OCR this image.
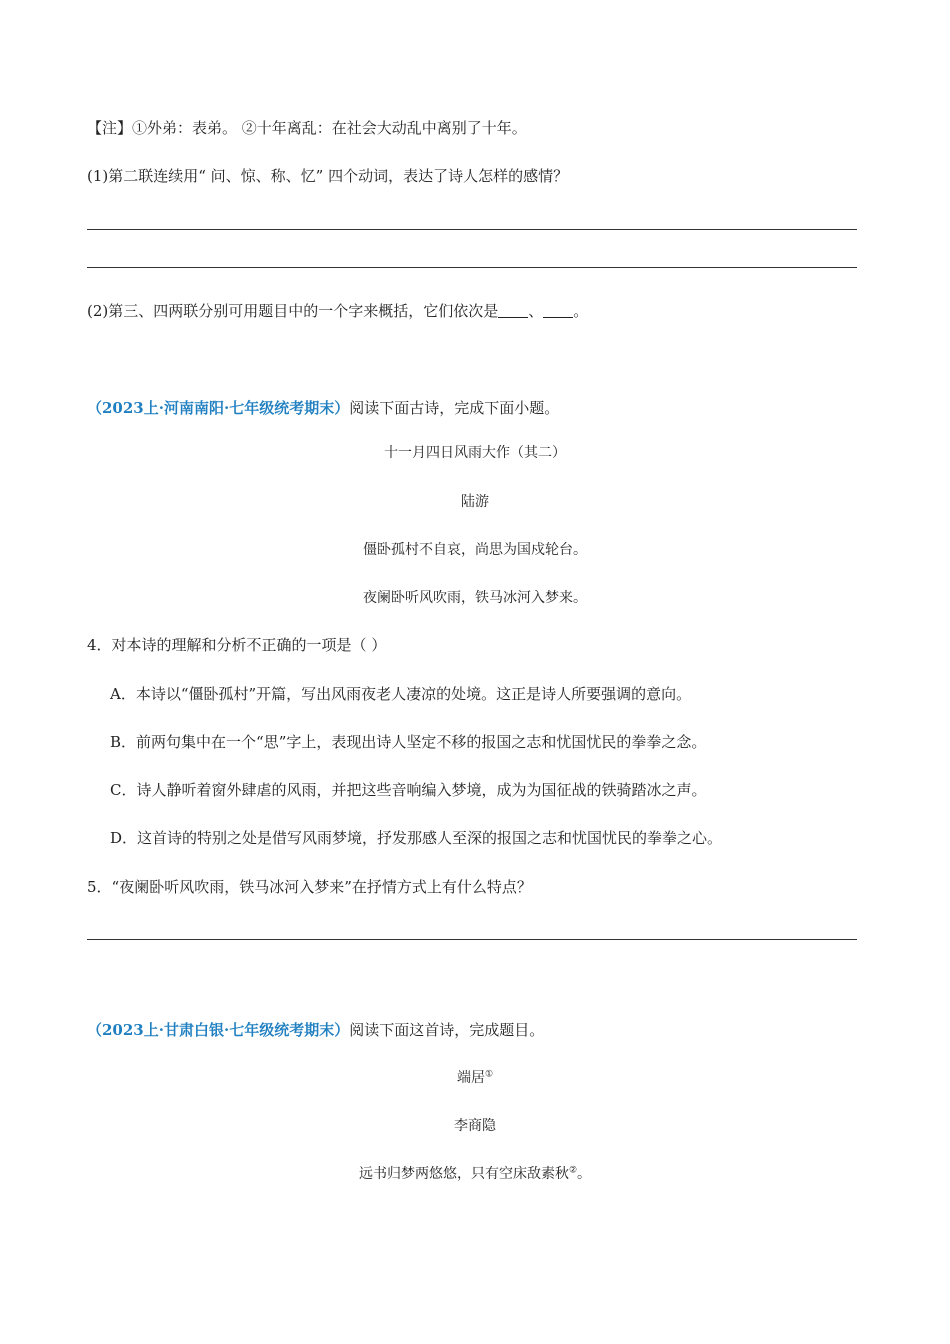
【注】①外弟：表弟。 ②十年离乱：在社会大动乱中离别了十年。
(1)第二联连续用“ 问、惊、称、忆” 四个动词，表达了诗人怎样的感情？
(2)第三、四两联分别可用题目中的一个字来概括，它们依次是 、 。
（2023上·河南南阳·七年级统考期末）阅读下面古诗，完成下面小题。
十一月四日风雨大作（其二）
陆游
僵卧孤村不自哀，尚思为国戍轮台。
夜阑卧听风吹雨，铁马冰河入梦来。
4．对本诗的理解和分析不正确的一项是（ ）
A．本诗以“僵卧孤村”开篇，写出风雨夜老人凄凉的处境。这正是诗人所要强调的意向。
B．前两句集中在一个“思”字上，表现出诗人坚定不移的报国之志和忧国忧民的拳拳之念。
C．诗人静听着窗外肆虐的风雨，并把这些音响编入梦境，成为为国征战的铁骑踏冰之声。
D．这首诗的特别之处是借写风雨梦境，抒发那感人至深的报国之志和忧国忧民的拳拳之心。
5．“夜阑卧听风吹雨，铁马冰河入梦来”在抒情方式上有什么特点？
（2023上·甘肃白银·七年级统考期末）阅读下面这首诗，完成题目。
端居①
李商隐
远书归梦两悠悠，只有空床敌素秋②。
